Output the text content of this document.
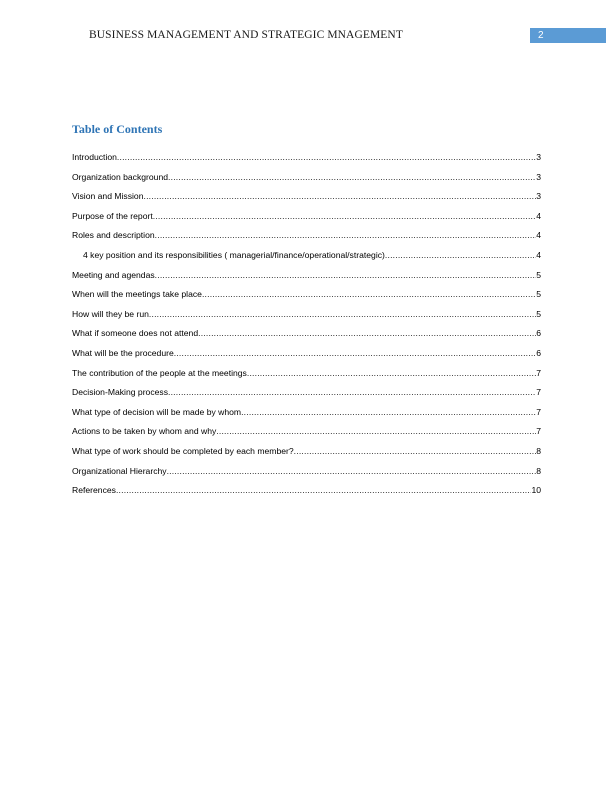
BUSINESS MANAGEMENT AND STRATEGIC MNAGEMENT	2
Table of Contents
Introduction .....	3
Organization background .....	3
Vision and Mission .....	3
Purpose of the report .....	4
Roles and description .....	4
4 key position and its responsibilities ( managerial/finance/operational/strategic) .....	4
Meeting and agendas .....	5
When will the meetings take place .....	5
How will they be run .....	5
What if someone does not attend .....	6
What will be the procedure .....	6
The contribution of the people at the meetings .....	7
Decision-Making process .....	7
What type of decision will be made by whom .....	7
Actions to be taken by whom and why .....	7
What type of work should be completed by each member? .....	8
Organizational Hierarchy .....	8
References .....	10
